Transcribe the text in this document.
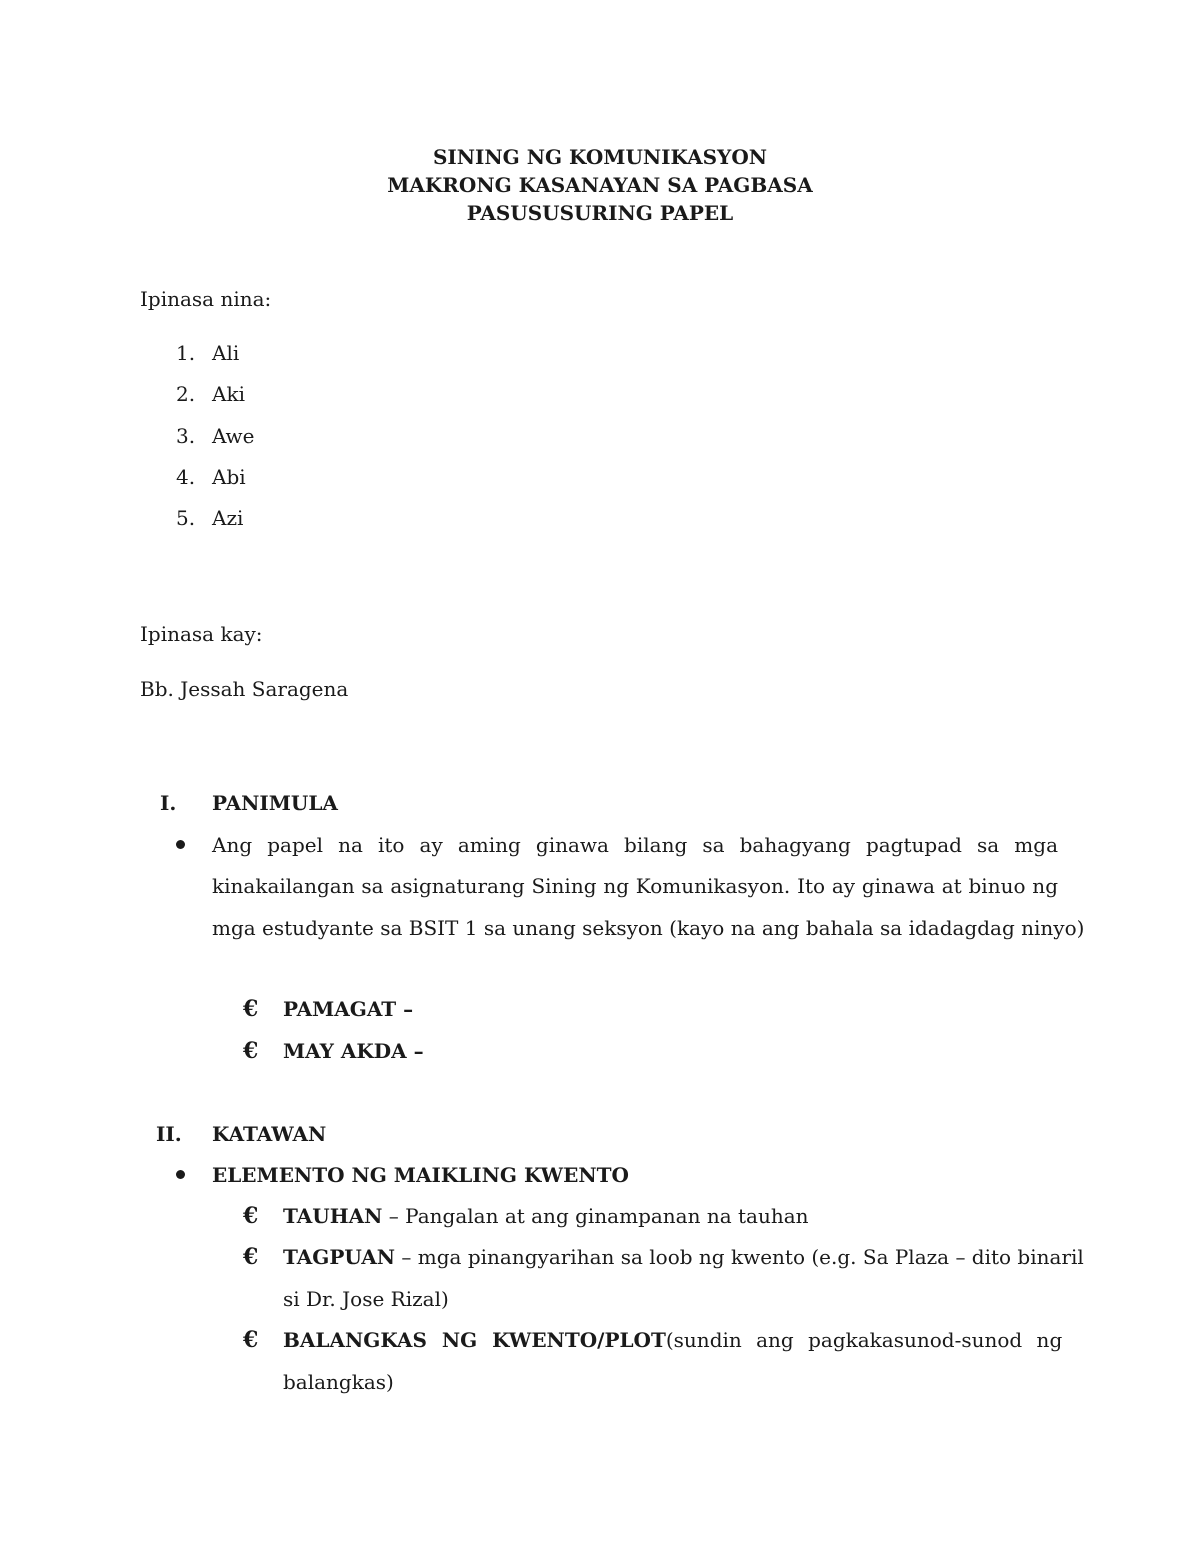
SINING NG KOMUNIKASYON
MAKRONG KASANAYAN SA PAGBASA
PASUSUSURING PAPEL
Ipinasa nina:
1. Ali
2. Aki
3. Awe
4. Abi
5. Azi
Ipinasa kay:
Bb. Jessah Saragena
I. PANIMULA
Ang papel na ito ay aming ginawa bilang sa bahagyang pagtupad sa mga
kinakailangan sa asignaturang Sining ng Komunikasyon. Ito ay ginawa at binuo ng
mga estudyante sa BSIT 1 sa unang seksyon (kayo na ang bahala sa idadagdag ninyo)
€ PAMAGAT –
€ MAY AKDA –
II. KATAWAN
ELEMENTO NG MAIKLING KWENTO
€ TAUHAN – Pangalan at ang ginampanan na tauhan
€ TAGPUAN – mga pinangyarihan sa loob ng kwento (e.g. Sa Plaza – dito binaril
si Dr. Jose Rizal)
€ BALANGKAS NG KWENTO/PLOT (sundin ang pagkakasunod-sunod ng
balangkas)
